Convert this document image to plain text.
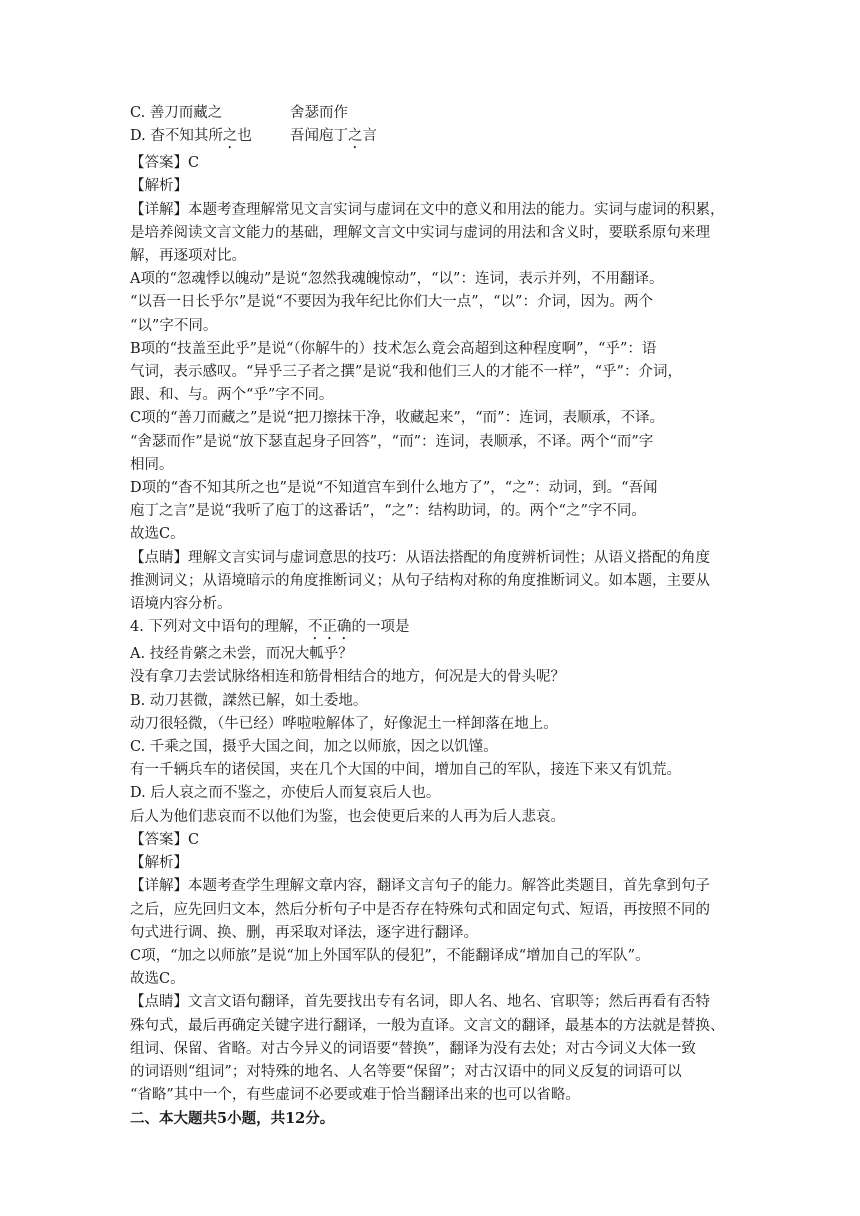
C. 善刀而藏之	舍瑟而作
D. 杳不知其所之也	吾闻庖丁之言
【答案】C
【解析】
【详解】本题考查理解常见文言实词与虚词在文中的意义和用法的能力。实词与虚词的积累，
是培养阅读文言文能力的基础，理解文言文中实词与虚词的用法和含义时，要联系原句来理
解，再逐项对比。
A项的“忽魂悸以魄动”是说“忽然我魂魄惊动”，“以”：连词，表示并列，不用翻译。
“以吾一日长乎尔”是说“不要因为我年纪比你们大一点”，“以”：介词，因为。两个
“以”字不同。
B项的“技盖至此乎”是说“（你解牛的）技术怎么竟会高超到这种程度啊”，“乎”：语
气词，表示感叹。“异乎三子者之撰”是说“我和他们三人的才能不一样”，“乎”：介词，
跟、和、与。两个“乎”字不同。
C项的“善刀而藏之”是说“把刀擦抹干净，收藏起来”，“而”：连词，表顺承，不译。
“舍瑟而作”是说“放下瑟直起身子回答”，“而”：连词，表顺承，不译。两个“而”字
相同。
D项的“杳不知其所之也”是说“不知道宫车到什么地方了”，“之”：动词，到。“吾闻
庖丁之言”是说“我听了庖丁的这番话”，“之”：结构助词，的。两个“之”字不同。
故选C。
【点睛】理解文言实词与虚词意思的技巧：从语法搭配的角度辨析词性；从语义搭配的角度
推测词义；从语境暗示的角度推断词义；从句子结构对称的角度推断词义。如本题，主要从
语境内容分析。
4. 下列对文中语句的理解，不正确的一项是
A. 技经肯綮之未尝，而况大軱乎？
没有拿刀去尝试脉络相连和筋骨相结合的地方，何况是大的骨头呢？
B. 动刀甚微，謋然已解，如土委地。
动刀很轻微，（牛已经）哗啦啦解体了，好像泥土一样卸落在地上。
C. 千乘之国，摄乎大国之间，加之以师旅，因之以饥馑。
有一千辆兵车的诸侯国，夹在几个大国的中间，增加自己的军队，接连下来又有饥荒。
D. 后人哀之而不鉴之，亦使后人而复哀后人也。
后人为他们悲哀而不以他们为鉴，也会使更后来的人再为后人悲哀。
【答案】C
【解析】
【详解】本题考查学生理解文章内容，翻译文言句子的能力。解答此类题目，首先拿到句子
之后，应先回归文本，然后分析句子中是否存在特殊句式和固定句式、短语，再按照不同的
句式进行调、换、删，再采取对译法，逐字进行翻译。
C项，“加之以师旅”是说“加上外国军队的侵犯”，不能翻译成“增加自己的军队”。
故选C。
【点睛】文言文语句翻译，首先要找出专有名词，即人名、地名、官职等；然后再看有否特
殊句式，最后再确定关键字进行翻译，一般为直译。文言文的翻译，最基本的方法就是替换、
组词、保留、省略。对古今异义的词语要“替换”，翻译为没有去处；对古今词义大体一致
的词语则“组词”；对特殊的地名、人名等要“保留”；对古汉语中的同义反复的词语可以
“省略”其中一个，有些虚词不必要或难于恰当翻译出来的也可以省略。
二、本大题共5小题，共12分。
